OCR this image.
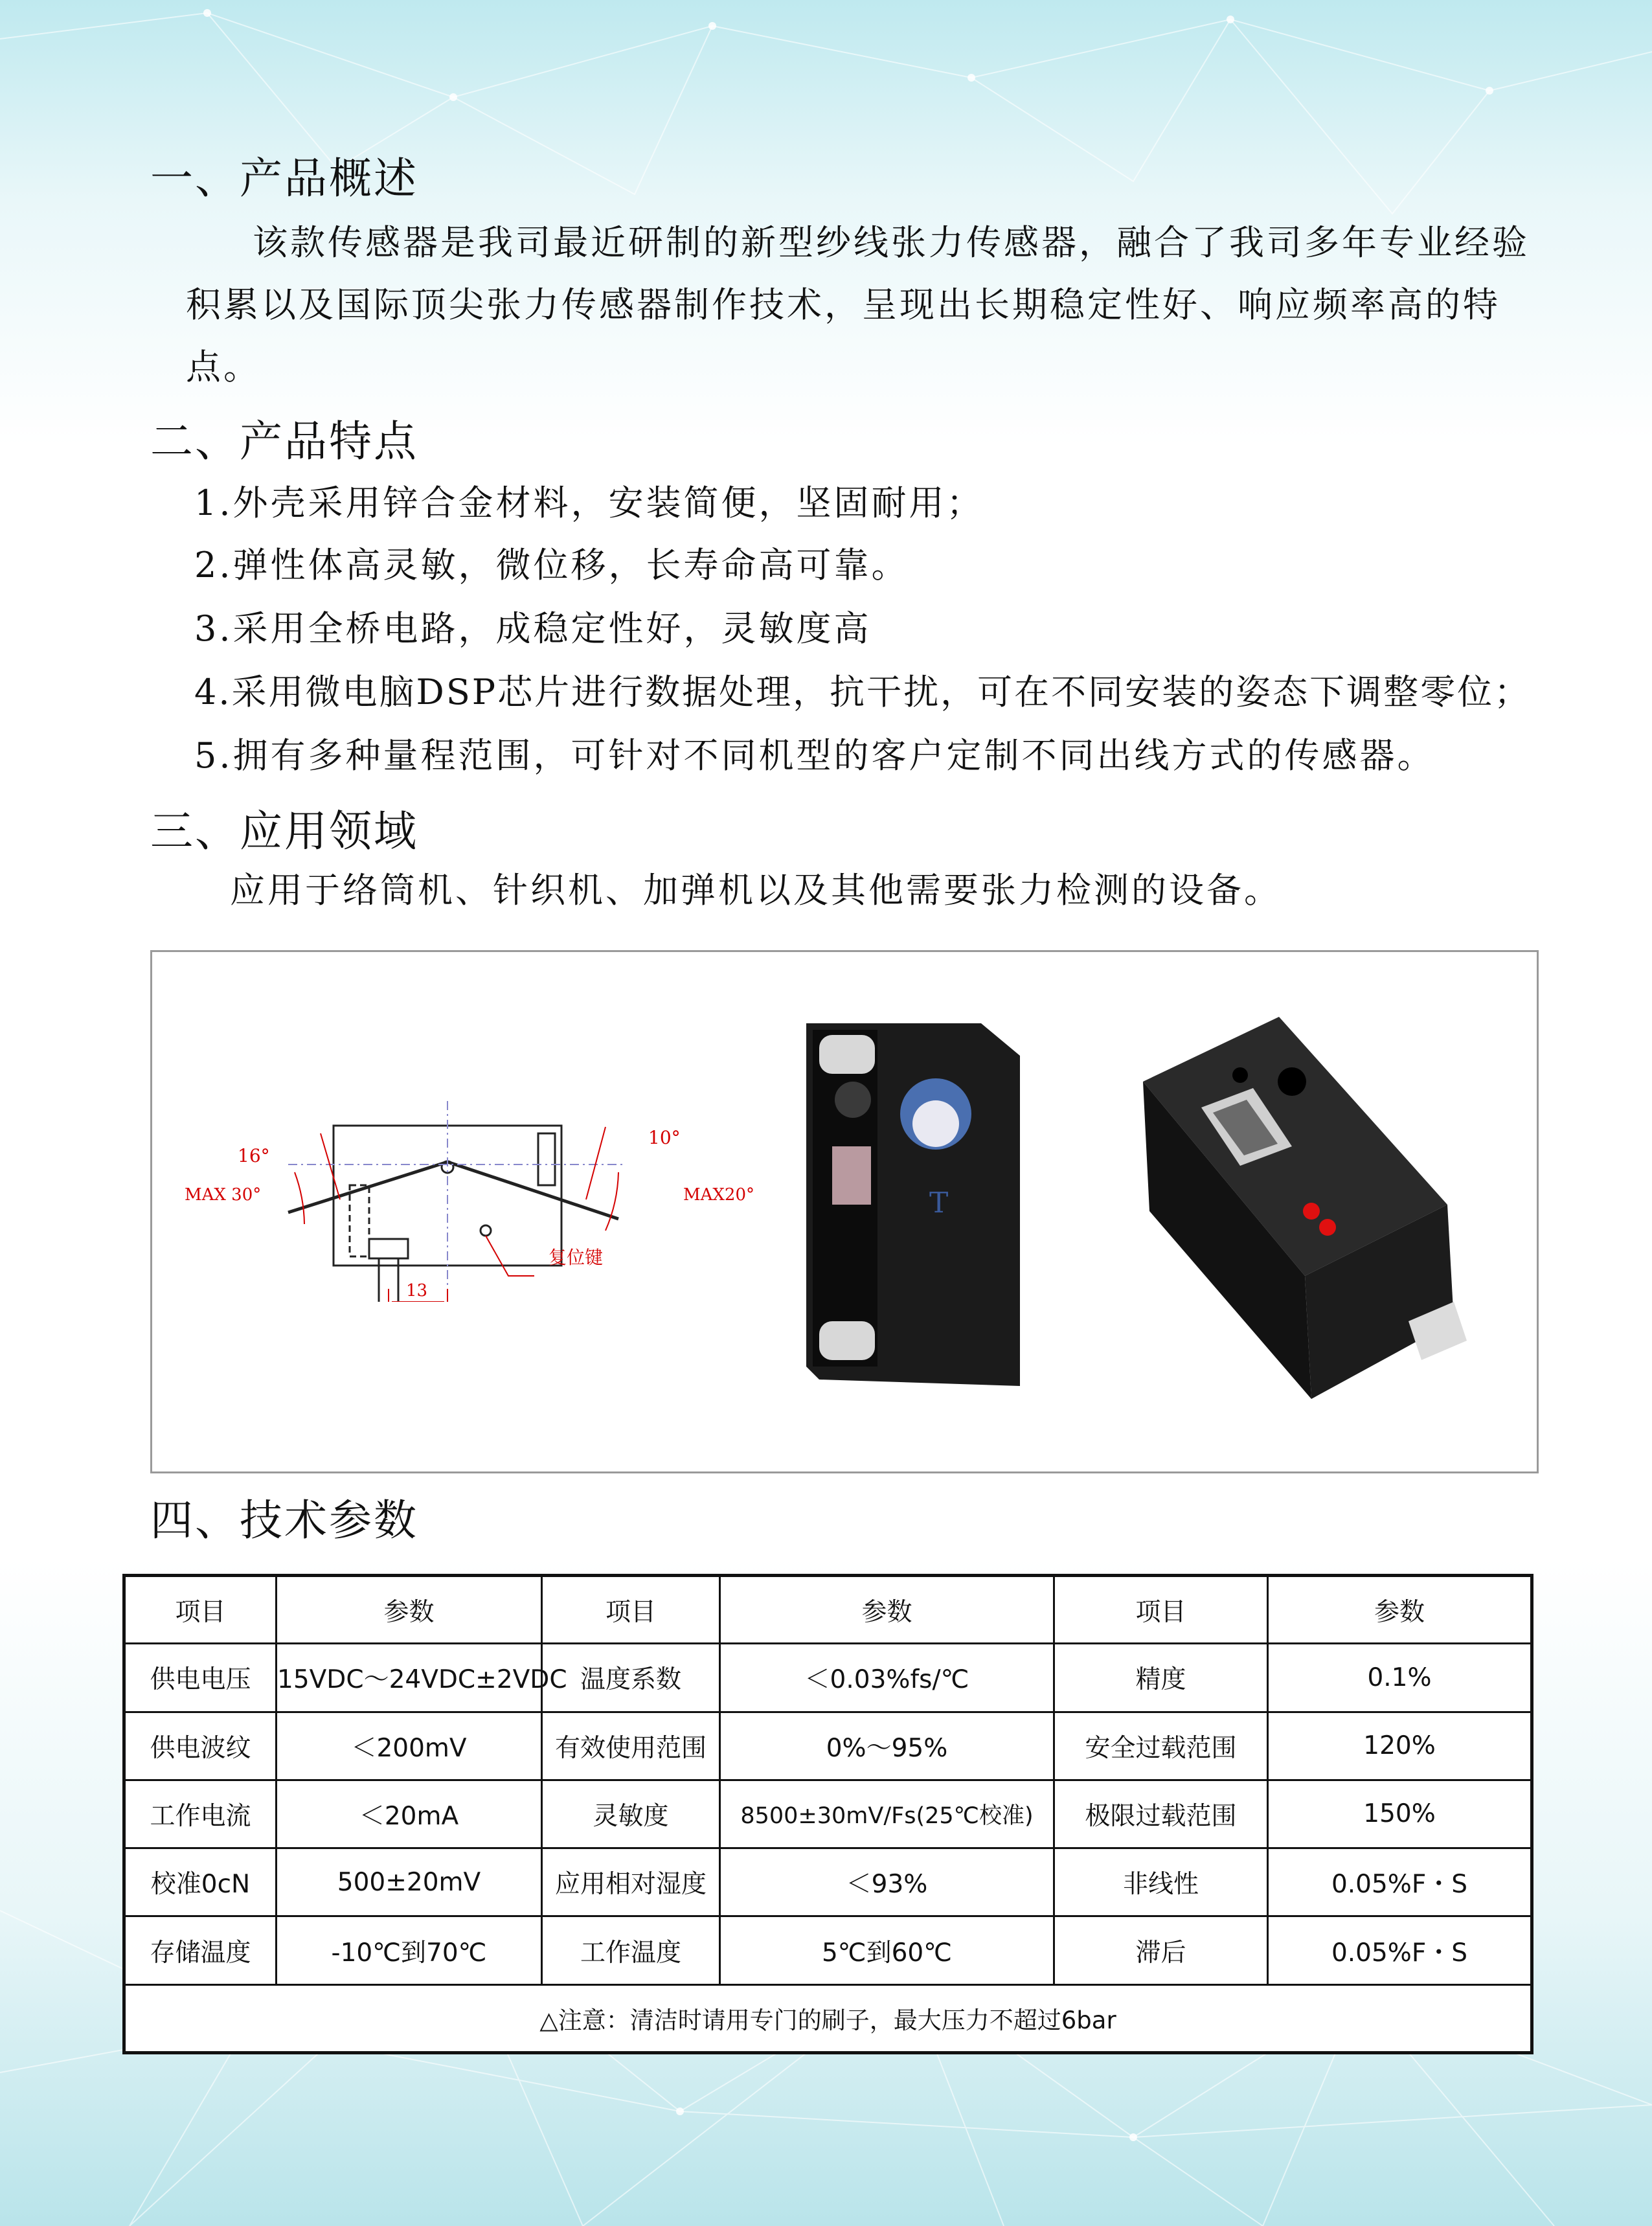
一、产品概述
该款传感器是我司最近研制的新型纱线张力传感器，融合了我司多年专业经验
积累以及国际顶尖张力传感器制作技术，呈现出长期稳定性好、响应频率高的特
点。
二、产品特点
1.外壳采用锌合金材料，安装简便，坚固耐用；
2.弹性体高灵敏，微位移，长寿命高可靠。
3.采用全桥电路，成稳定性好，灵敏度高
4.采用微电脑DSP芯片进行数据处理，抗干扰，可在不同安装的姿态下调整零位；
5.拥有多种量程范围，可针对不同机型的客户定制不同出线方式的传感器。
三、应用领域
应用于络筒机、针织机、加弹机以及其他需要张力检测的设备。
16°
MAX 30°
10°
MAX20°
13
复位键
T
四、技术参数
项目	参数	项目	参数	项目	参数
供电电压	15VDC～24VDC±2VDC	温度系数	＜0.03%fs/℃	精度	0.1%
供电波纹	＜200mV	有效使用范围	0%～95%	安全过载范围	120%
工作电流	＜20mA	灵敏度	8500±30mV/Fs(25℃校准)	极限过载范围	150%
校准0cN	500±20mV	应用相对湿度	＜93%	非线性	0.05%F・S
存储温度	-10℃到70℃	工作温度	5℃到60℃	滞后	0.05%F・S
△注意：清洁时请用专门的刷子，最大压力不超过6bar					
